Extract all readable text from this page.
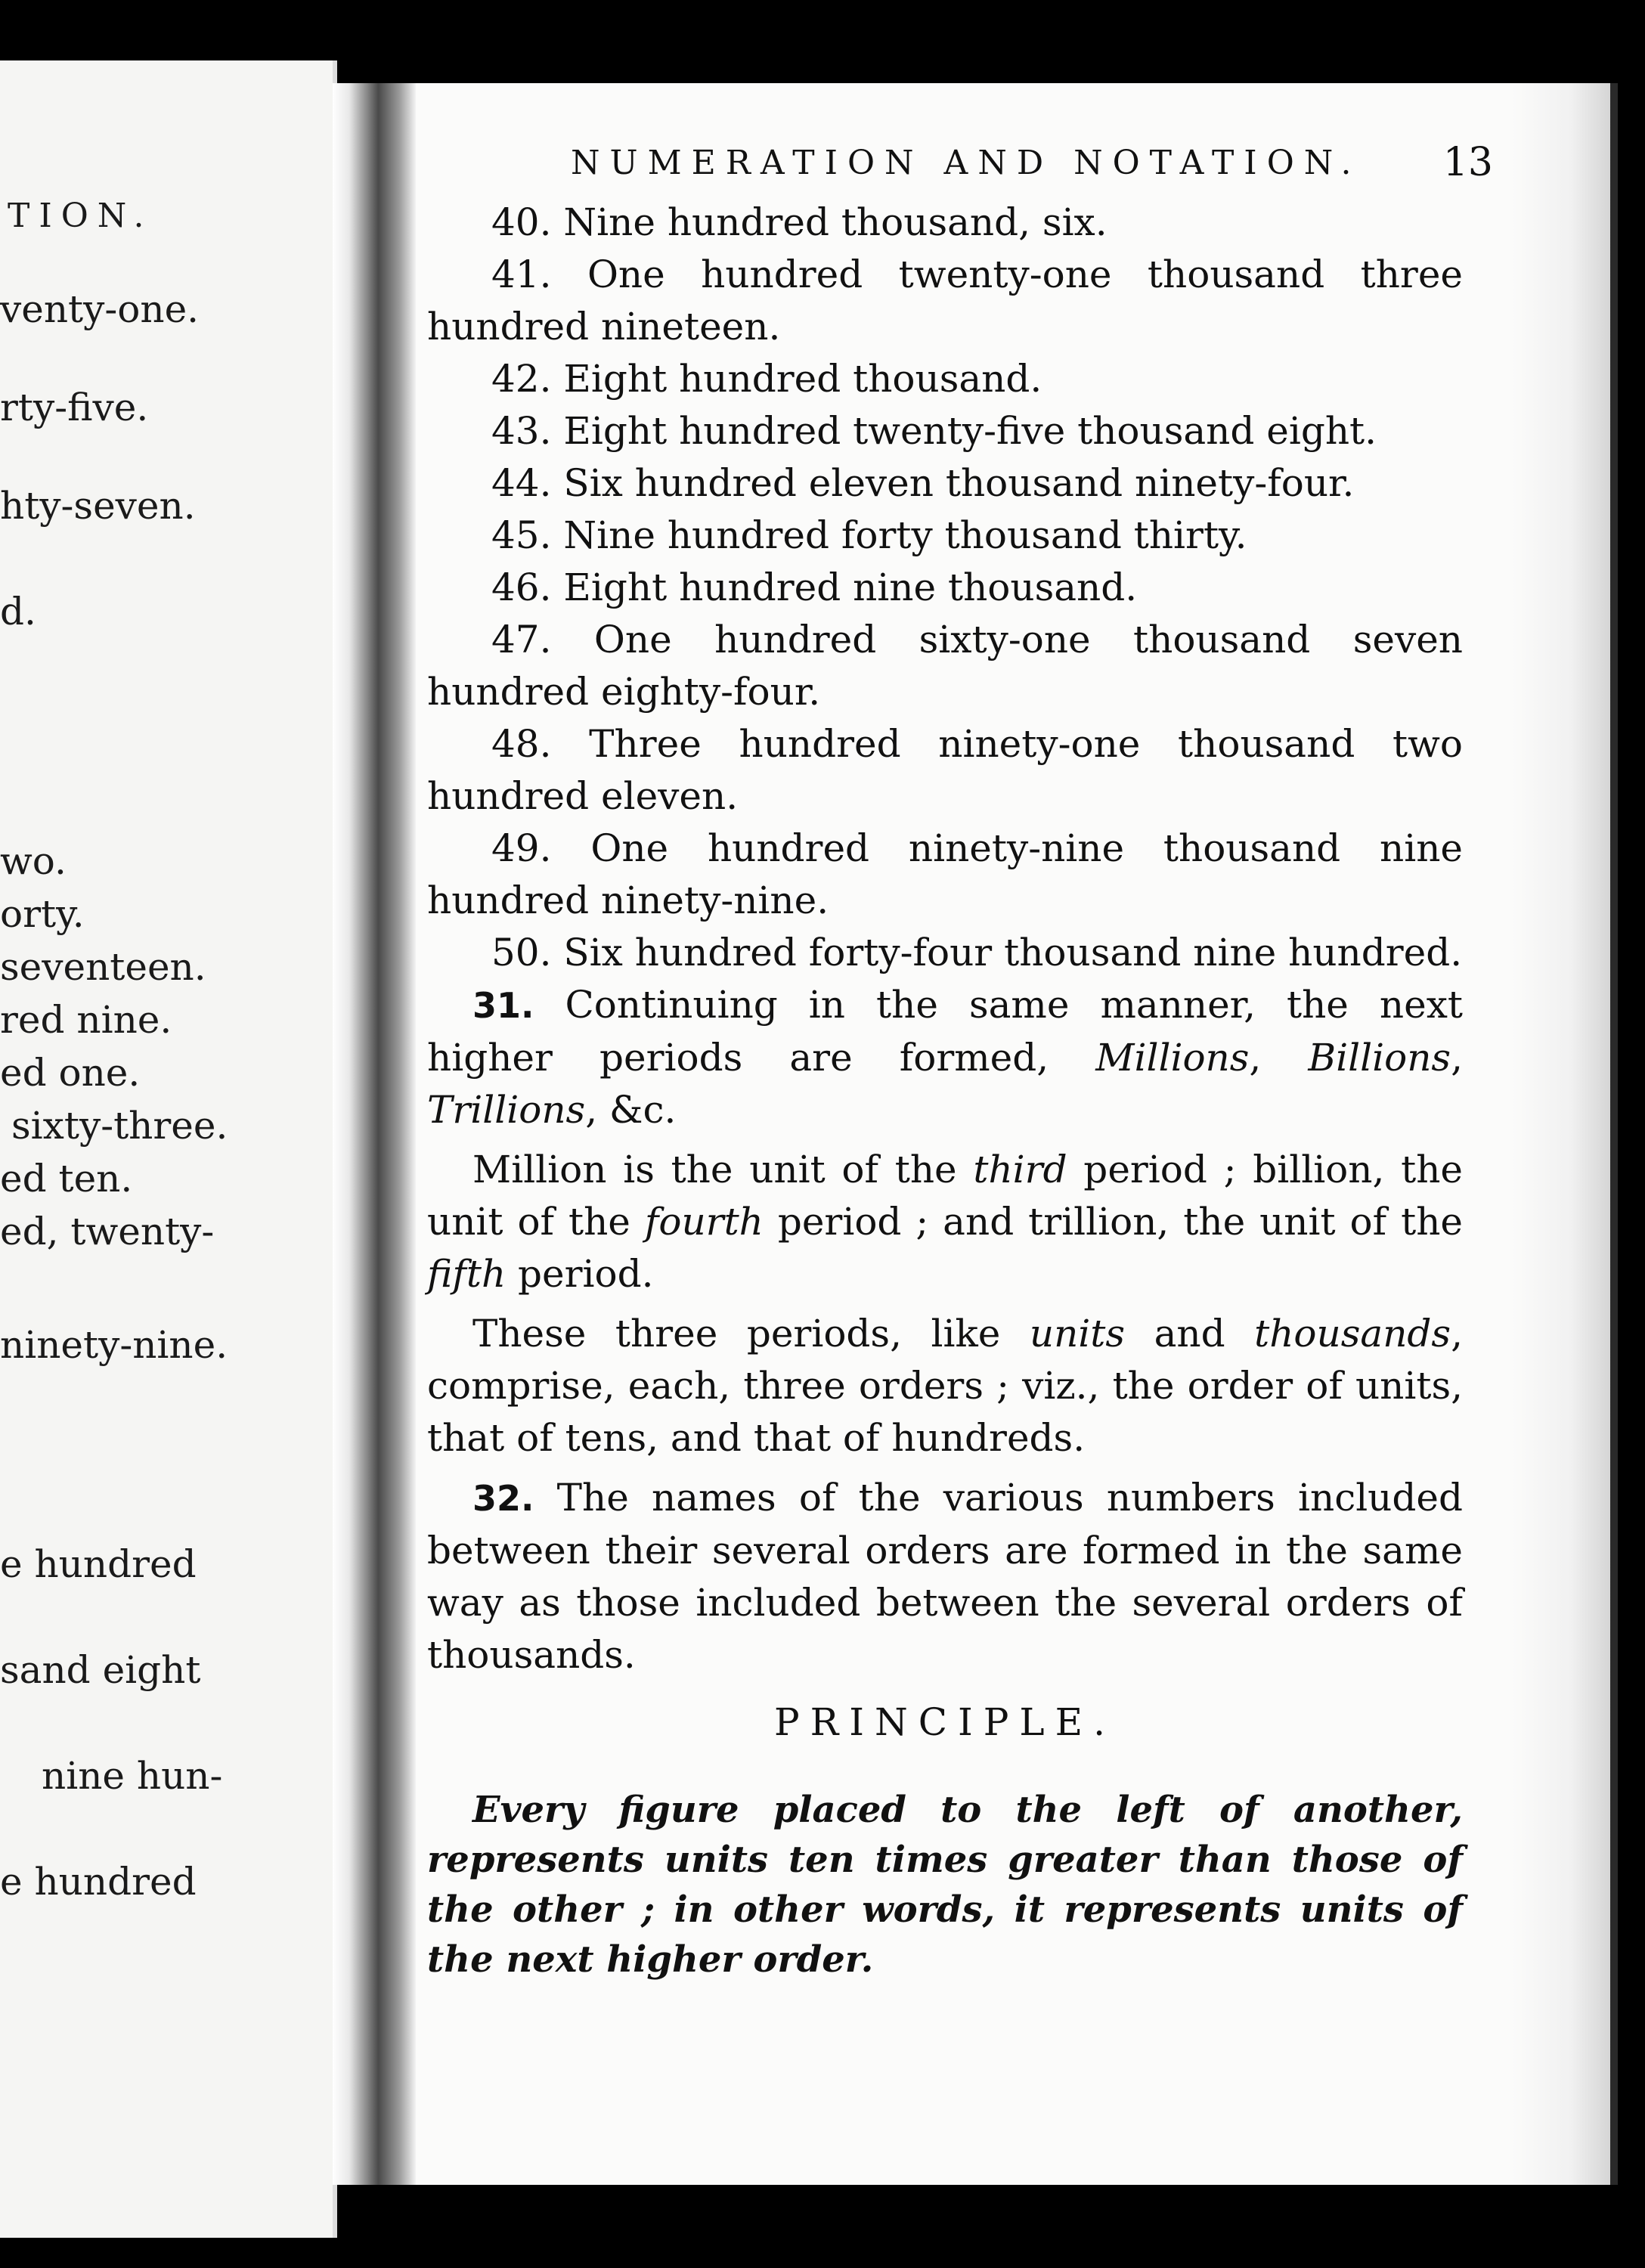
TION.
venty-one.
rty-five.
hty-seven.
d.
wo.
orty.
seventeen.
red nine.
ed one.
sixty-three.
ed ten.
ed, twenty-
ninety-nine.
e hundred
sand eight
nine hun-
e hundred
NUMERATION AND NOTATION. 13

40. Nine hundred thousand, six.

41. One hundred twenty-one thousand three hundred nineteen.

42. Eight hundred thousand.

43. Eight hundred twenty-five thousand eight.

44. Six hundred eleven thousand ninety-four.

45. Nine hundred forty thousand thirty.

46. Eight hundred nine thousand.

47. One hundred sixty-one thousand seven hundred eighty-four.

48. Three hundred ninety-one thousand two hundred eleven.

49. One hundred ninety-nine thousand nine hundred ninety-nine.

50. Six hundred forty-four thousand nine hundred.

31. Continuing in the same manner, the next higher periods are formed, Millions, Billions, Trillions, &c.

Million is the unit of the third period ; billion, the unit of the fourth period ; and trillion, the unit of the fifth period.

These three periods, like units and thousands, comprise, each, three orders ; viz., the order of units, that of tens, and that of hundreds.

32. The names of the various numbers included between their several orders are formed in the same way as those included between the several orders of thousands.

PRINCIPLE.

Every figure placed to the left of another, represents units ten times greater than those of the other ; in other words, it represents units of the next higher order.
